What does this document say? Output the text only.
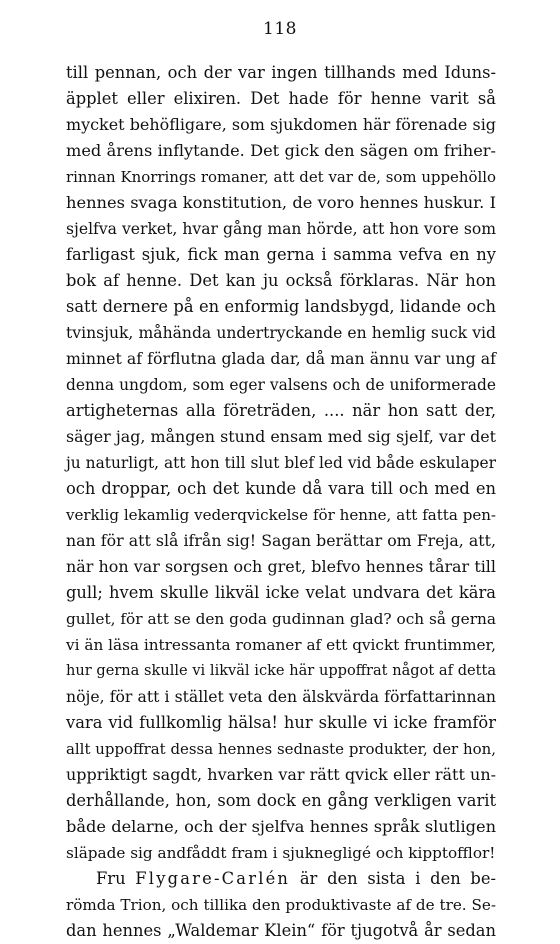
118
till pennan, och der var ingen tillhands med Iduns-
äpplet eller elixiren. Det hade för henne varit så
mycket behöfligare, som sjukdomen här förenade sig
med årens inflytande. Det gick den sägen om friher-
rinnan Knorrings romaner, att det var de, som uppehöllo
hennes svaga konstitution, de voro hennes huskur. I
sjelfva verket, hvar gång man hörde, att hon vore som
farligast sjuk, fick man gerna i samma vefva en ny
bok af henne. Det kan ju också förklaras. När hon
satt dernere på en enformig landsbygd, lidande och
tvinsjuk, måhända undertryckande en hemlig suck vid
minnet af förflutna glada dar, då man ännu var ung af
denna ungdom, som eger valsens och de uniformerade
artigheternas alla företräden, .... när hon satt der,
säger jag, mången stund ensam med sig sjelf, var det
ju naturligt, att hon till slut blef led vid både eskulaper
och droppar, och det kunde då vara till och med en
verklig lekamlig vederqvickelse för henne, att fatta pen-
nan för att slå ifrån sig! Sagan berättar om Freja, att,
när hon var sorgsen och gret, blefvo hennes tårar till
gull; hvem skulle likväl icke velat undvara det kära
gullet, för att se den goda gudinnan glad? och så gerna
vi än läsa intressanta romaner af ett qvickt fruntimmer,
hur gerna skulle vi likväl icke här uppoffrat något af detta
nöje, för att i stället veta den älskvärda författarinnan
vara vid fullkomlig hälsa! hur skulle vi icke framför
allt uppoffrat dessa hennes sednaste produkter, der hon,
uppriktigt sagdt, hvarken var rätt qvick eller rätt un-
derhållande, hon, som dock en gång verkligen varit
både delarne, och der sjelfva hennes språk slutligen
släpade sig andfåddt fram i sjuknegligé och kipptofflor!
Fru Flygare-Carlén är den sista i den be-
römda Trion, och tillika den produktivaste af de tre. Se-
dan hennes „Waldemar Klein“ för tjugotvå år sedan
